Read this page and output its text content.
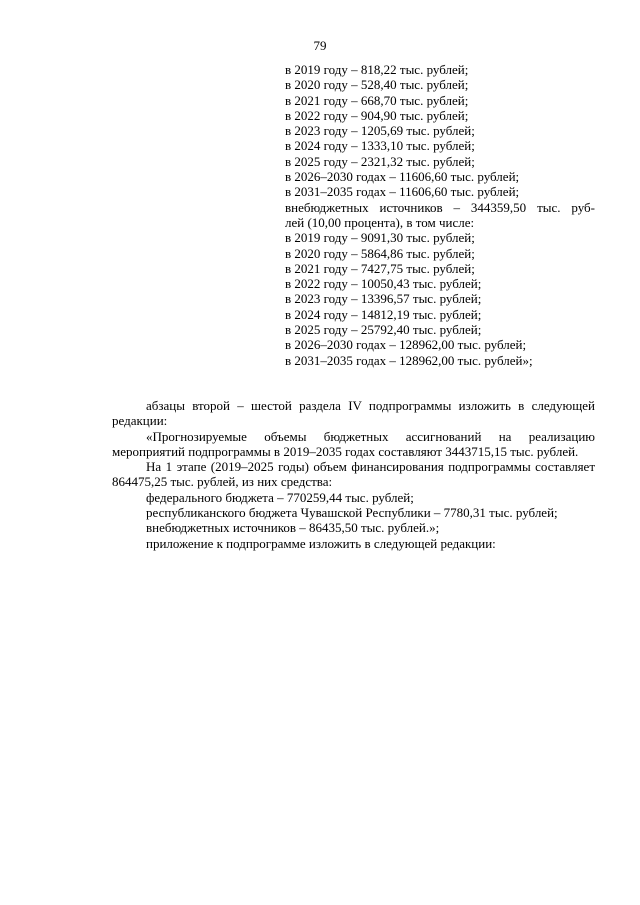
79
в 2019 году – 818,22 тыс. рублей;
в 2020 году – 528,40 тыс. рублей;
в 2021 году – 668,70 тыс. рублей;
в 2022 году – 904,90 тыс. рублей;
в 2023 году – 1205,69 тыс. рублей;
в 2024 году – 1333,10 тыс. рублей;
в 2025 году – 2321,32 тыс. рублей;
в 2026–2030 годах – 11606,60 тыс. рублей;
в 2031–2035 годах – 11606,60 тыс. рублей;
внебюджетных источников – 344359,50 тыс. руб-
лей (10,00 процента), в том числе:
в 2019 году – 9091,30 тыс. рублей;
в 2020 году – 5864,86 тыс. рублей;
в 2021 году – 7427,75 тыс. рублей;
в 2022 году – 10050,43 тыс. рублей;
в 2023 году – 13396,57 тыс. рублей;
в 2024 году – 14812,19 тыс. рублей;
в 2025 году – 25792,40 тыс. рублей;
в 2026–2030 годах – 128962,00 тыс. рублей;
в 2031–2035 годах – 128962,00 тыс. рублей»;

абзацы второй – шестой раздела IV подпрограммы изложить в следующей редакции:

«Прогнозируемые объемы бюджетных ассигнований на реализацию мероприятий подпрограммы в 2019–2035 годах составляют 3443715,15 тыс. рублей.

На 1 этапе (2019–2025 годы) объем финансирования подпрограммы составляет 864475,25 тыс. рублей, из них средства:

федерального бюджета – 770259,44 тыс. рублей;

республиканского бюджета Чувашской Республики – 7780,31 тыс. рублей;

внебюджетных источников – 86435,50 тыс. рублей.»;

приложение к подпрограмме изложить в следующей редакции:
